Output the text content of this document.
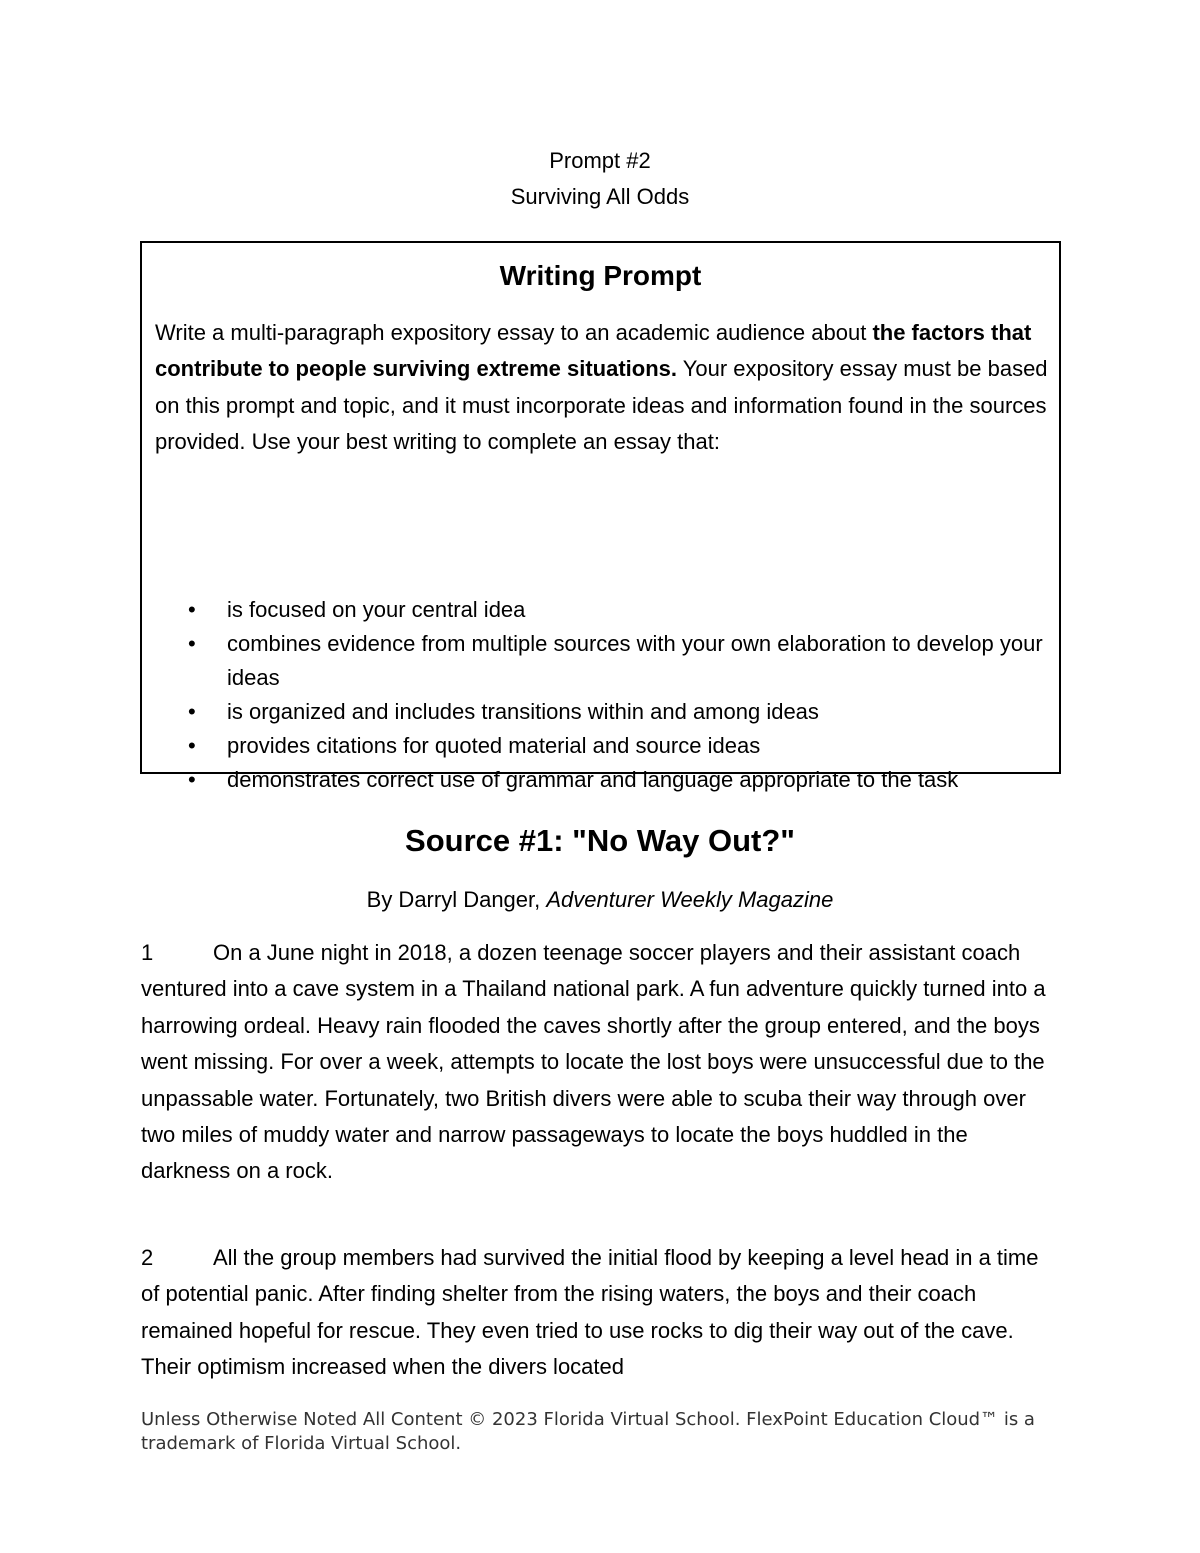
Prompt #2
Surviving All Odds
Writing Prompt

Write a multi-paragraph expository essay to an academic audience about the factors that contribute to people surviving extreme situations. Your expository essay must be based on this prompt and topic, and it must incorporate ideas and information found in the sources provided. Use your best writing to complete an essay that:

• is focused on your central idea
• combines evidence from multiple sources with your own elaboration to develop your ideas
• is organized and includes transitions within and among ideas
• provides citations for quoted material and source ideas
• demonstrates correct use of grammar and language appropriate to the task
Source #1: "No Way Out?"
By Darryl Danger, Adventurer Weekly Magazine

1	On a June night in 2018, a dozen teenage soccer players and their assistant coach ventured into a cave system in a Thailand national park. A fun adventure quickly turned into a harrowing ordeal. Heavy rain flooded the caves shortly after the group entered, and the boys went missing. For over a week, attempts to locate the lost boys were unsuccessful due to the unpassable water. Fortunately, two British divers were able to scuba their way through over two miles of muddy water and narrow passageways to locate the boys huddled in the darkness on a rock.

2	All the group members had survived the initial flood by keeping a level head in a time of potential panic. After finding shelter from the rising waters, the boys and their coach remained hopeful for rescue. They even tried to use rocks to dig their way out of the cave. Their optimism increased when the divers located

Unless Otherwise Noted All Content © 2023 Florida Virtual School. FlexPoint Education Cloud™ is a trademark of Florida Virtual School.
